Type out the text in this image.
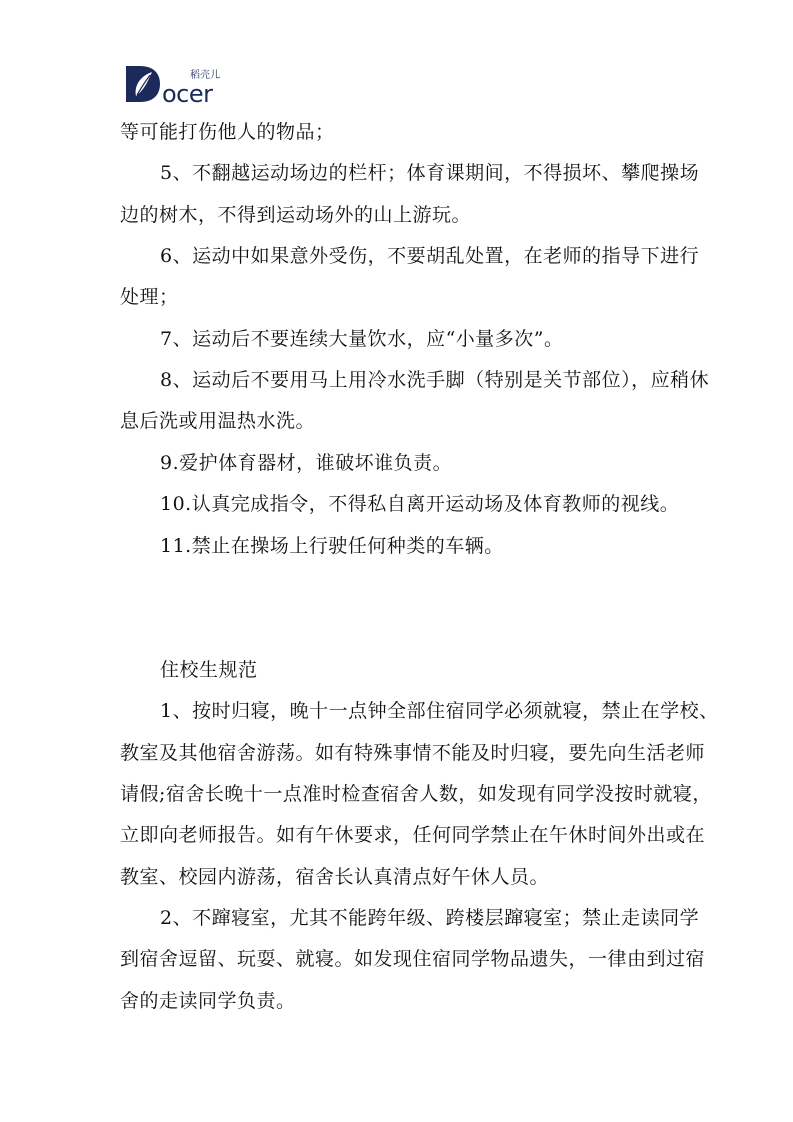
ocer
稻壳儿
等可能打伤他人的物品；
5、不翻越运动场边的栏杆；体育课期间，不得损坏、攀爬操场
边的树木，不得到运动场外的山上游玩。
6、运动中如果意外受伤，不要胡乱处置，在老师的指导下进行
处理；
7、运动后不要连续大量饮水，应“小量多次”。
8、运动后不要用马上用冷水洗手脚（特别是关节部位），应稍休
息后洗或用温热水洗。
9.爱护体育器材，谁破坏谁负责。
10.认真完成指令，不得私自离开运动场及体育教师的视线。
11.禁止在操场上行驶任何种类的车辆。
住校生规范
1、按时归寝，晚十一点钟全部住宿同学必须就寝，禁止在学校、
教室及其他宿舍游荡。如有特殊事情不能及时归寝，要先向生活老师
请假;宿舍长晚十一点准时检查宿舍人数，如发现有同学没按时就寝，
立即向老师报告。如有午休要求，任何同学禁止在午休时间外出或在
教室、校园内游荡，宿舍长认真清点好午休人员。
2、不蹿寝室，尤其不能跨年级、跨楼层蹿寝室；禁止走读同学
到宿舍逗留、玩耍、就寝。如发现住宿同学物品遗失，一律由到过宿
舍的走读同学负责。
